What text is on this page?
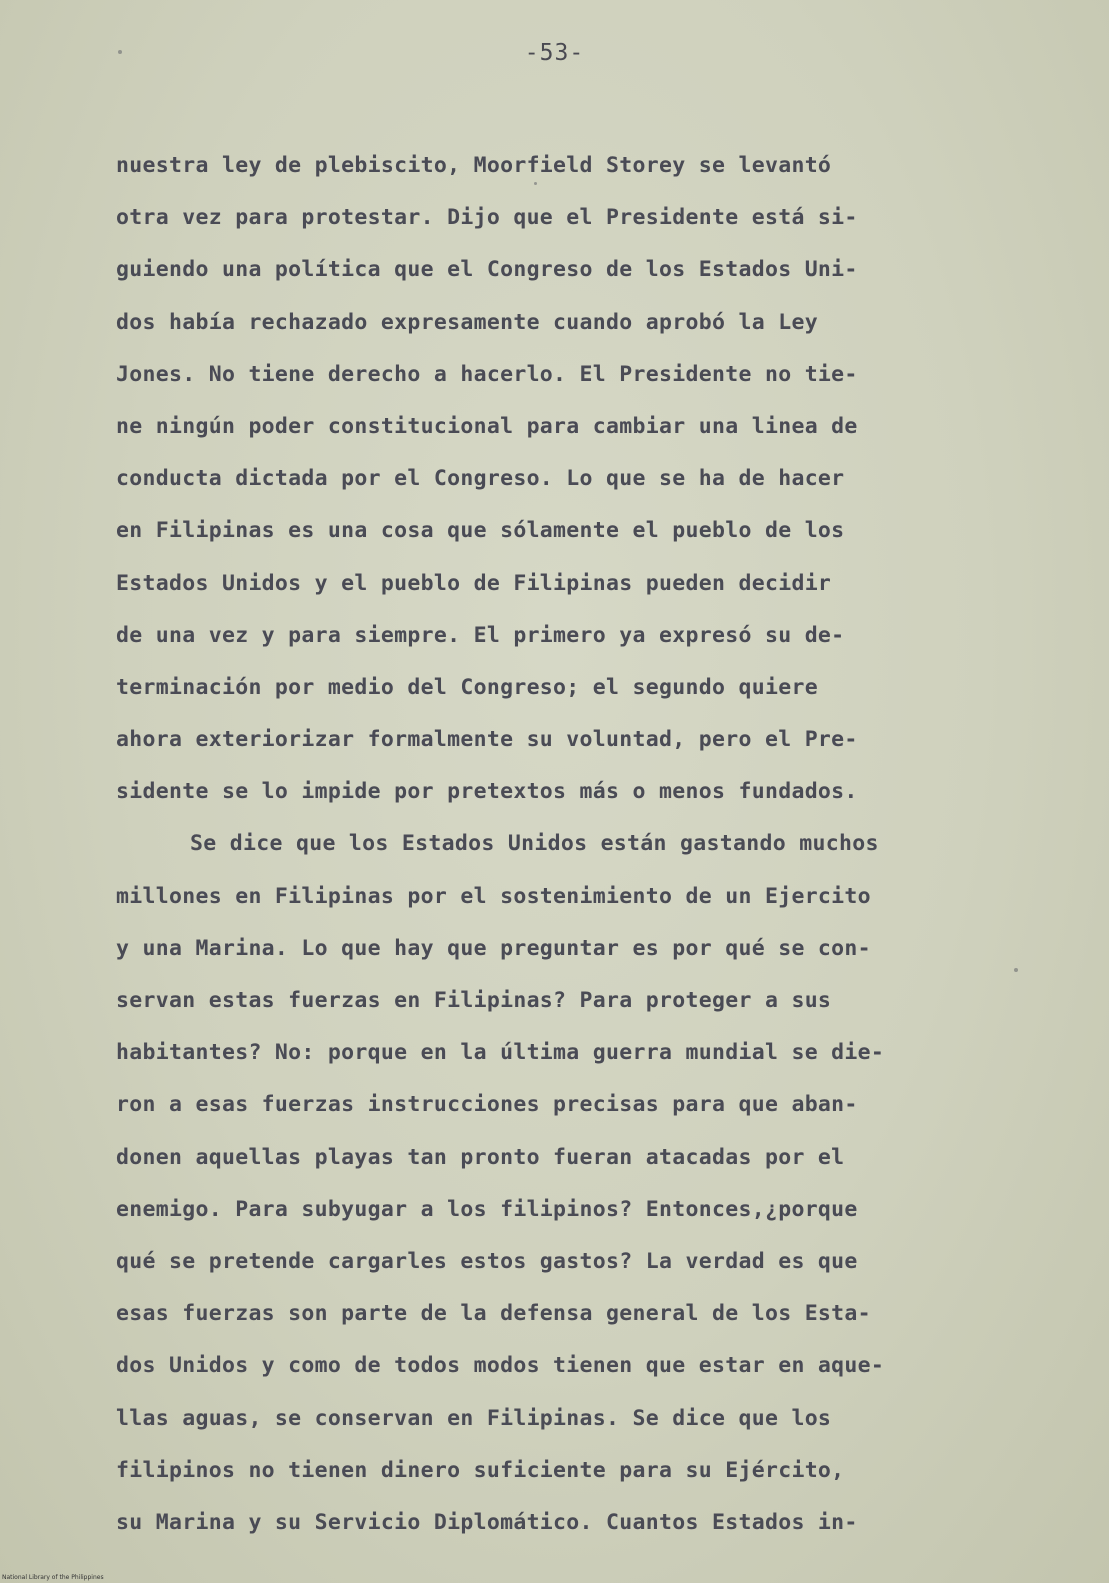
-53-
nuestra ley de plebiscito, Moorfield Storey se levantó
otra vez para protestar. Dijo que el Presidente está si-
guiendo una política que el Congreso de los Estados Uni-
dos había rechazado expresamente cuando aprobó la Ley
Jones. No tiene derecho a hacerlo. El Presidente no tie-
ne ningún poder constitucional para cambiar una linea de
conducta dictada por el Congreso. Lo que se ha de hacer
en Filipinas es una cosa que sólamente el pueblo de los
Estados Unidos y el pueblo de Filipinas pueden decidir
de una vez y para siempre. El primero ya expresó su de-
terminación por medio del Congreso; el segundo quiere
ahora exteriorizar formalmente su voluntad, pero el Pre-
sidente se lo impide por pretextos más o menos fundados.
Se dice que los Estados Unidos están gastando muchos
millones en Filipinas por el sostenimiento de un Ejercito
y una Marina. Lo que hay que preguntar es por qué se con-
servan estas fuerzas en Filipinas? Para proteger a sus
habitantes? No: porque en la última guerra mundial se die-
ron a esas fuerzas instrucciones precisas para que aban-
donen aquellas playas tan pronto fueran atacadas por el
enemigo. Para subyugar a los filipinos? Entonces,¿porque
qué se pretende cargarles estos gastos? La verdad es que
esas fuerzas son parte de la defensa general de los Esta-
dos Unidos y como de todos modos tienen que estar en aque-
llas aguas, se conservan en Filipinas. Se dice que los
filipinos no tienen dinero suficiente para su Ejército,
su Marina y su Servicio Diplomático. Cuantos Estados in-
National Library of the Philippines
